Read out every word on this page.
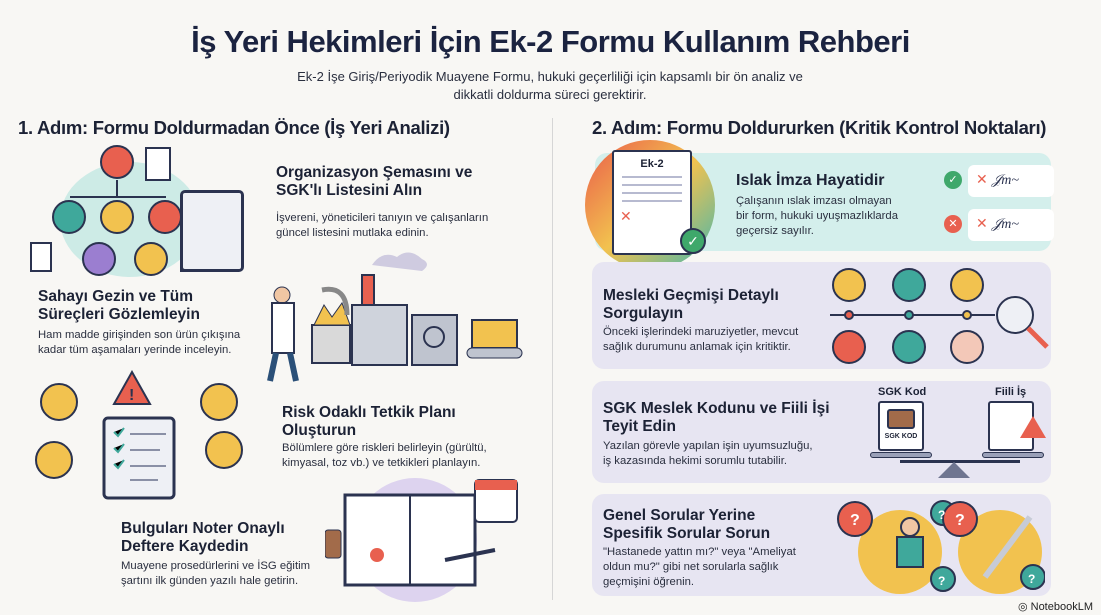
İş Yeri Hekimleri İçin Ek-2 Formu Kullanım Rehberi
Ek-2 İşe Giriş/Periyodik Muayene Formu, hukuki geçerliliği için kapsamlı bir ön analiz ve
dikkatli doldurma süreci gerektirir.
1. Adım: Formu Doldurmadan Önce (İş Yeri Analizi)	2. Adım: Formu Doldururken (Kritik Kontrol Noktaları)
Organizasyon Şemasını ve
SGK'lı Listesini Alın
İşvereni, yöneticileri tanıyın ve çalışanların
güncel listesini mutlaka edinin.
Sahayı Gezin ve Tüm
Süreçleri Gözlemleyin
Ham madde girişinden son ürün çıkışına
kadar tüm aşamaları yerinde inceleyin.
!
Risk Odaklı Tetkik Planı
Oluşturun
Bölümlere göre riskleri belirleyin (gürültü,
kimyasal, toz vb.) ve tetkikleri planlayın.
Bulguları Noter Onaylı
Deftere Kaydedin
Muayene prosedürlerini ve İSG eğitim
şartını ilk günden yazılı hale getirin.
Ek-2
✕
✓
Islak İmza Hayatidir
Çalışanın ıslak imzası olmayan
bir form, hukuki uyuşmazlıklarda
geçersiz sayılır.
✓	✕ 𝒥m~
✕	✕ 𝒥m~
Mesleki Geçmişi Detaylı
Sorgulayın
Önceki işlerindeki maruziyetler, mevcut
sağlık durumunu anlamak için kritiktir.
SGK Meslek Kodunu ve Fiili İşi
Teyit Edin
Yazılan görevle yapılan işin uyumsuzluğu,
iş kazasında hekimi sorumlu tutabilir.
SGK Kod	Fiili İş
SGK KOD
Genel Sorular Yerine
Spesifik Sorular Sorun
"Hastanede yattın mı?" veya "Ameliyat
oldun mu?" gibi net sorularla sağlık
geçmişini öğrenin.
?	?
?
?
?
◎ NotebookLM
